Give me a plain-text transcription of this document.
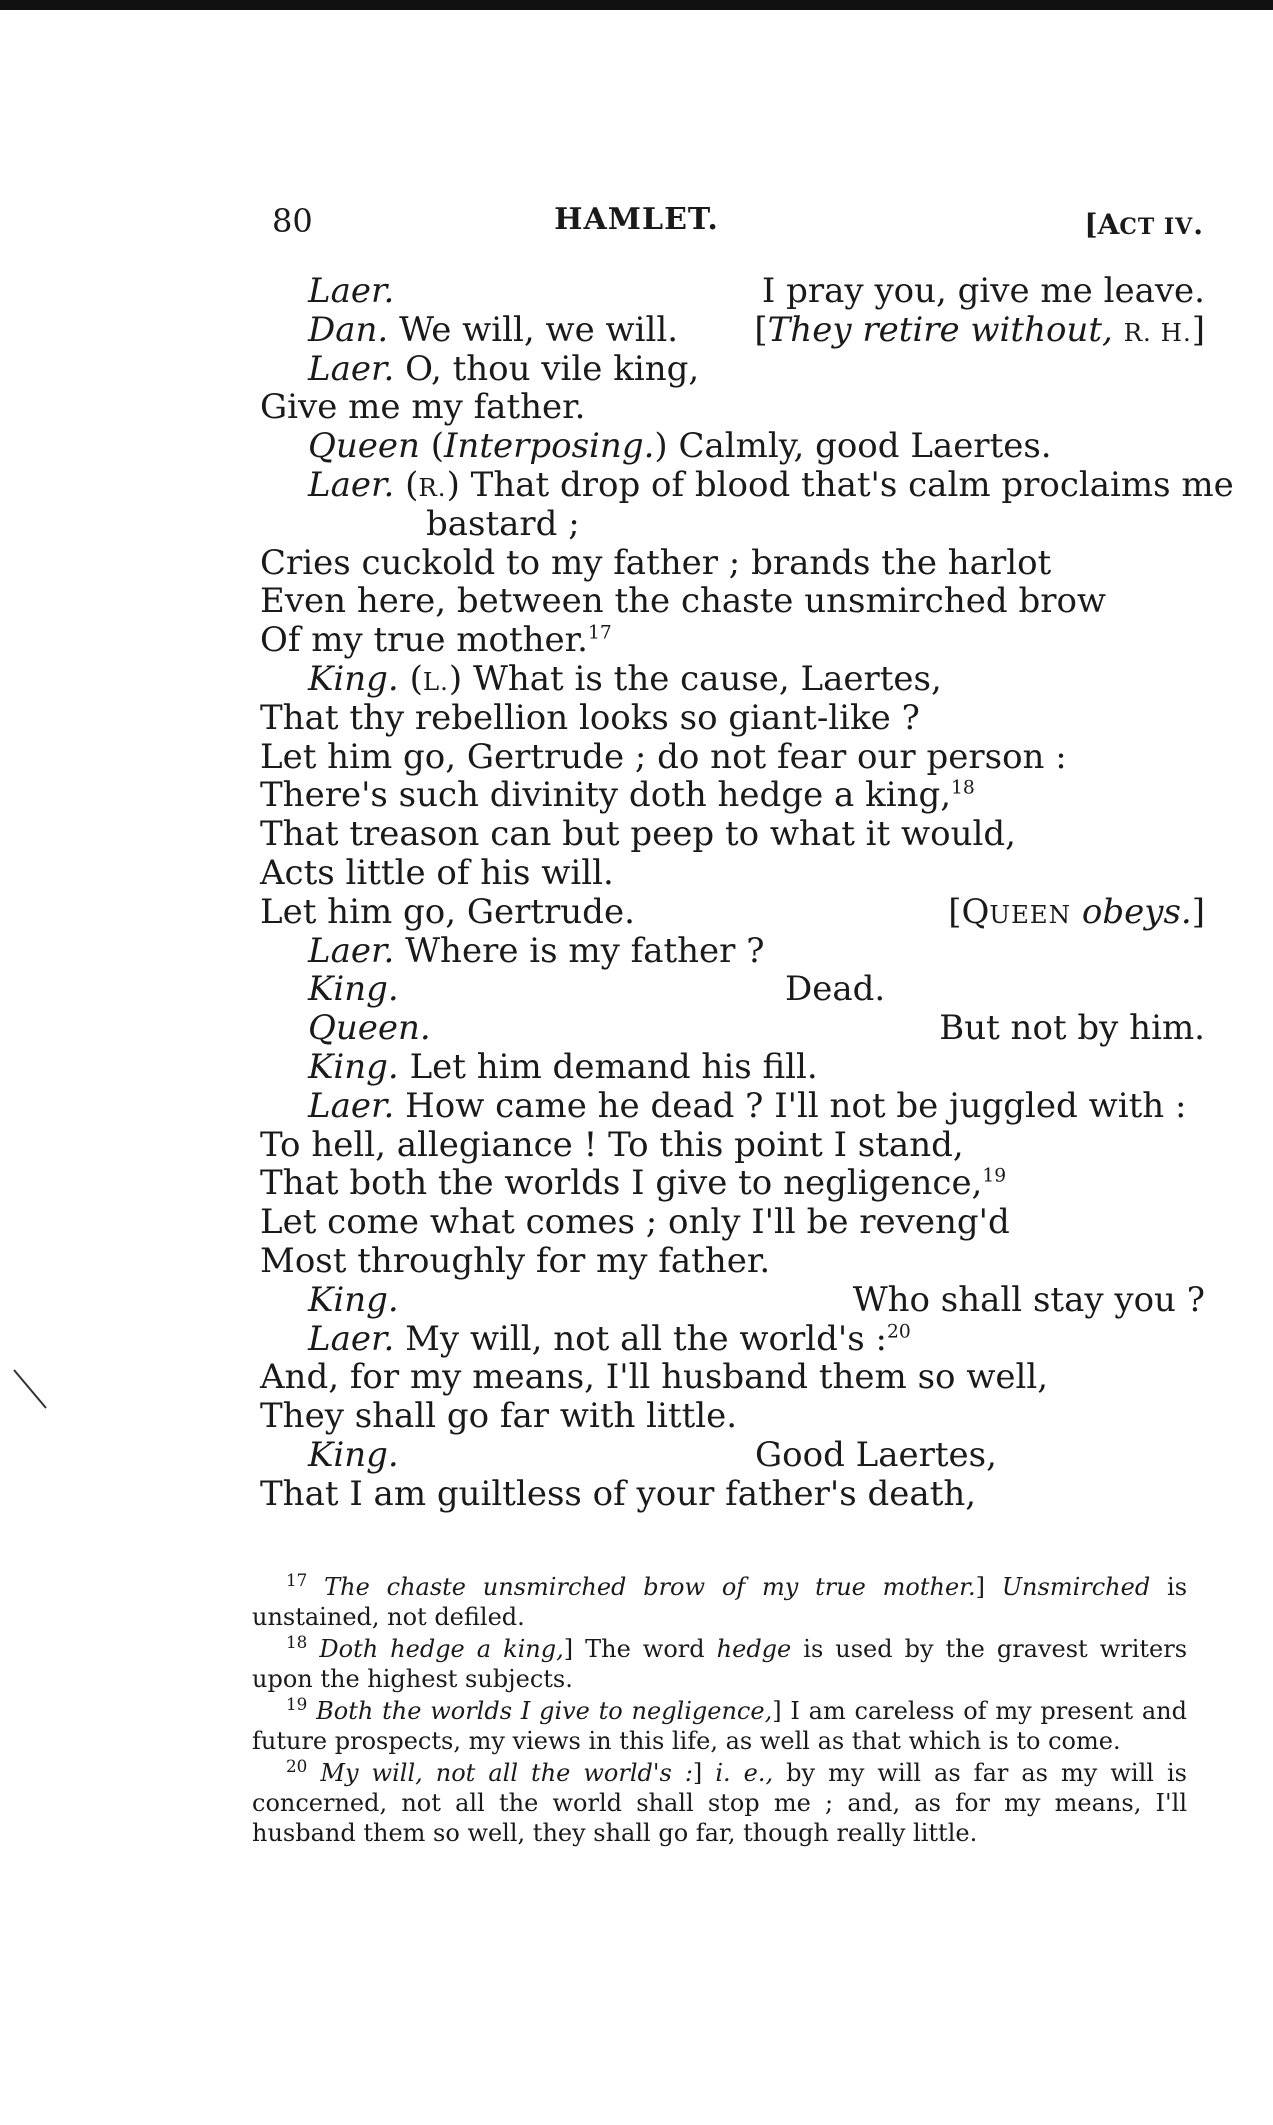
80	HAMLET.	[ACT IV.
Laer.	I pray you, give me leave.
Dan. We will, we will. [They retire without, R. H.]
Laer. O, thou vile king,
Give me my father.
Queen (Interposing.) Calmly, good Laertes.
Laer. (R.) That drop of blood that's calm proclaims me
bastard ;
Cries cuckold to my father ; brands the harlot
Even here, between the chaste unsmirched brow
Of my true mother.$^{17}$
King. (L.) What is the cause, Laertes,
That thy rebellion looks so giant-like ?
Let him go, Gertrude ; do not fear our person :
There's such divinity doth hedge a king,$^{18}$
That treason can but peep to what it would,
Acts little of his will.
Let him go, Gertrude.	[QUEEN obeys.]
Laer. Where is my father ?
King.	Dead.
Queen.	But not by him.
King. Let him demand his fill.
Laer. How came he dead ? I'll not be juggled with :
To hell, allegiance ! To this point I stand,
That both the worlds I give to negligence,$^{19}$
Let come what comes ; only I'll be reveng'd
Most throughly for my father.
King.	Who shall stay you ?
Laer. My will, not all the world's :$^{20}$
And, for my means, I'll husband them so well,
They shall go far with little.
King.	Good Laertes,
That I am guiltless of your father's death,

$^{17}$ The chaste unsmirched brow of my true mother.] Unsmirched is unstained, not defiled.

$^{18}$ Doth hedge a king,] The word hedge is used by the gravest writers upon the highest subjects.

$^{19}$ Both the worlds I give to negligence,] I am careless of my present and future prospects, my views in this life, as well as that which is to come.

$^{20}$ My will, not all the world's :] i. e., by my will as far as my will is concerned, not all the world shall stop me ; and, as for my means, I'll husband them so well, they shall go far, though really little.
